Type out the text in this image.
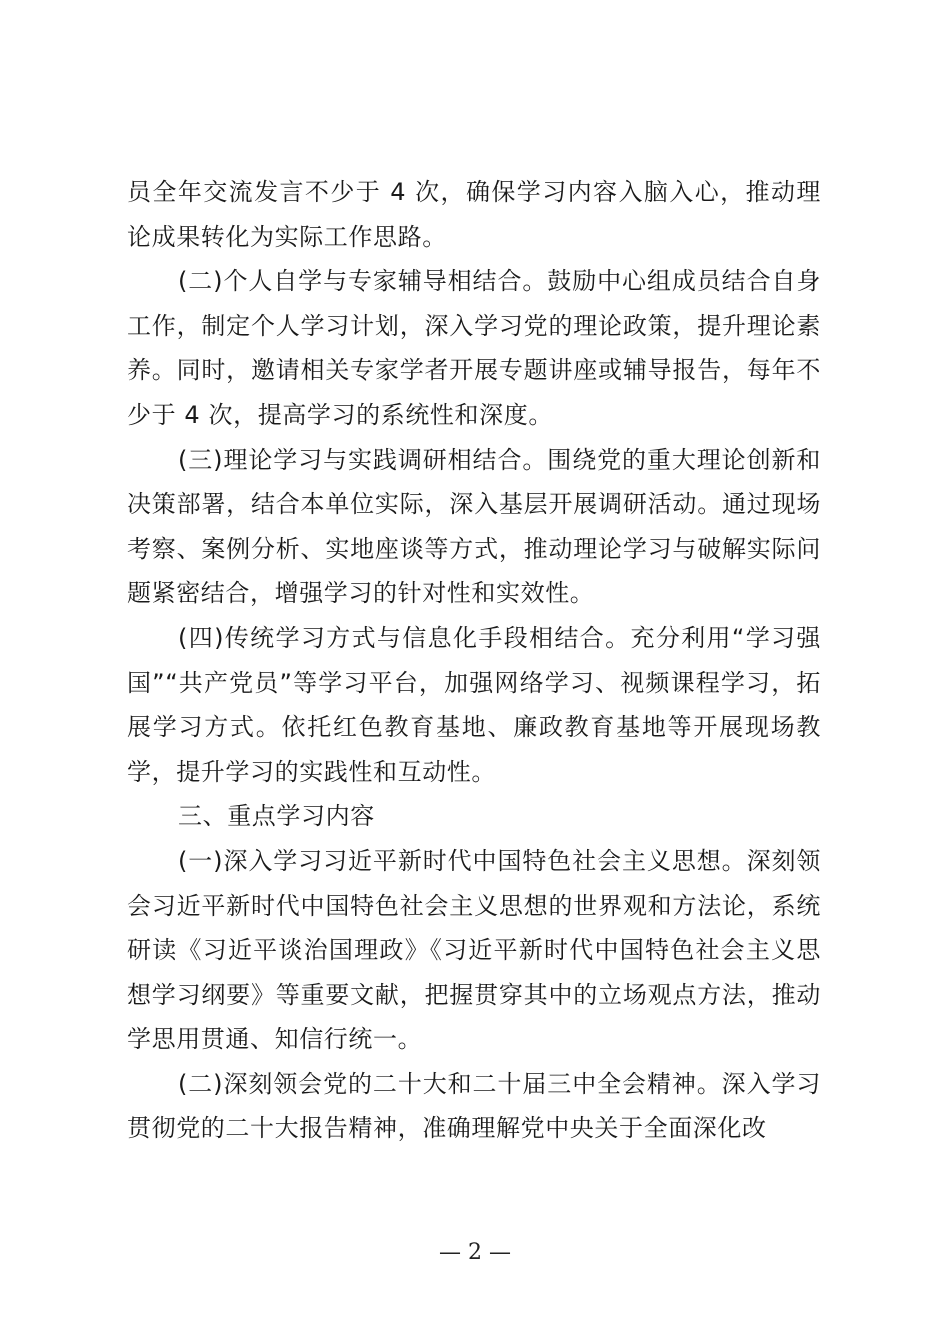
员全年交流发言不少于 4 次，确保学习内容入脑入心，推动理论成果转化为实际工作思路。

(二)个人自学与专家辅导相结合。鼓励中心组成员结合自身工作，制定个人学习计划，深入学习党的理论政策，提升理论素养。同时，邀请相关专家学者开展专题讲座或辅导报告，每年不少于 4 次，提高学习的系统性和深度。

(三)理论学习与实践调研相结合。围绕党的重大理论创新和决策部署，结合本单位实际，深入基层开展调研活动。通过现场考察、案例分析、实地座谈等方式，推动理论学习与破解实际问题紧密结合，增强学习的针对性和实效性。

(四)传统学习方式与信息化手段相结合。充分利用“学习强国”“共产党员”等学习平台，加强网络学习、视频课程学习，拓展学习方式。依托红色教育基地、廉政教育基地等开展现场教学，提升学习的实践性和互动性。

三、重点学习内容

(一)深入学习习近平新时代中国特色社会主义思想。深刻领会习近平新时代中国特色社会主义思想的世界观和方法论，系统研读《习近平谈治国理政》《习近平新时代中国特色社会主义思想学习纲要》等重要文献，把握贯穿其中的立场观点方法，推动学思用贯通、知信行统一。

(二)深刻领会党的二十大和二十届三中全会精神。深入学习贯彻党的二十大报告精神，准确理解党中央关于全面深化改

— 2 —
